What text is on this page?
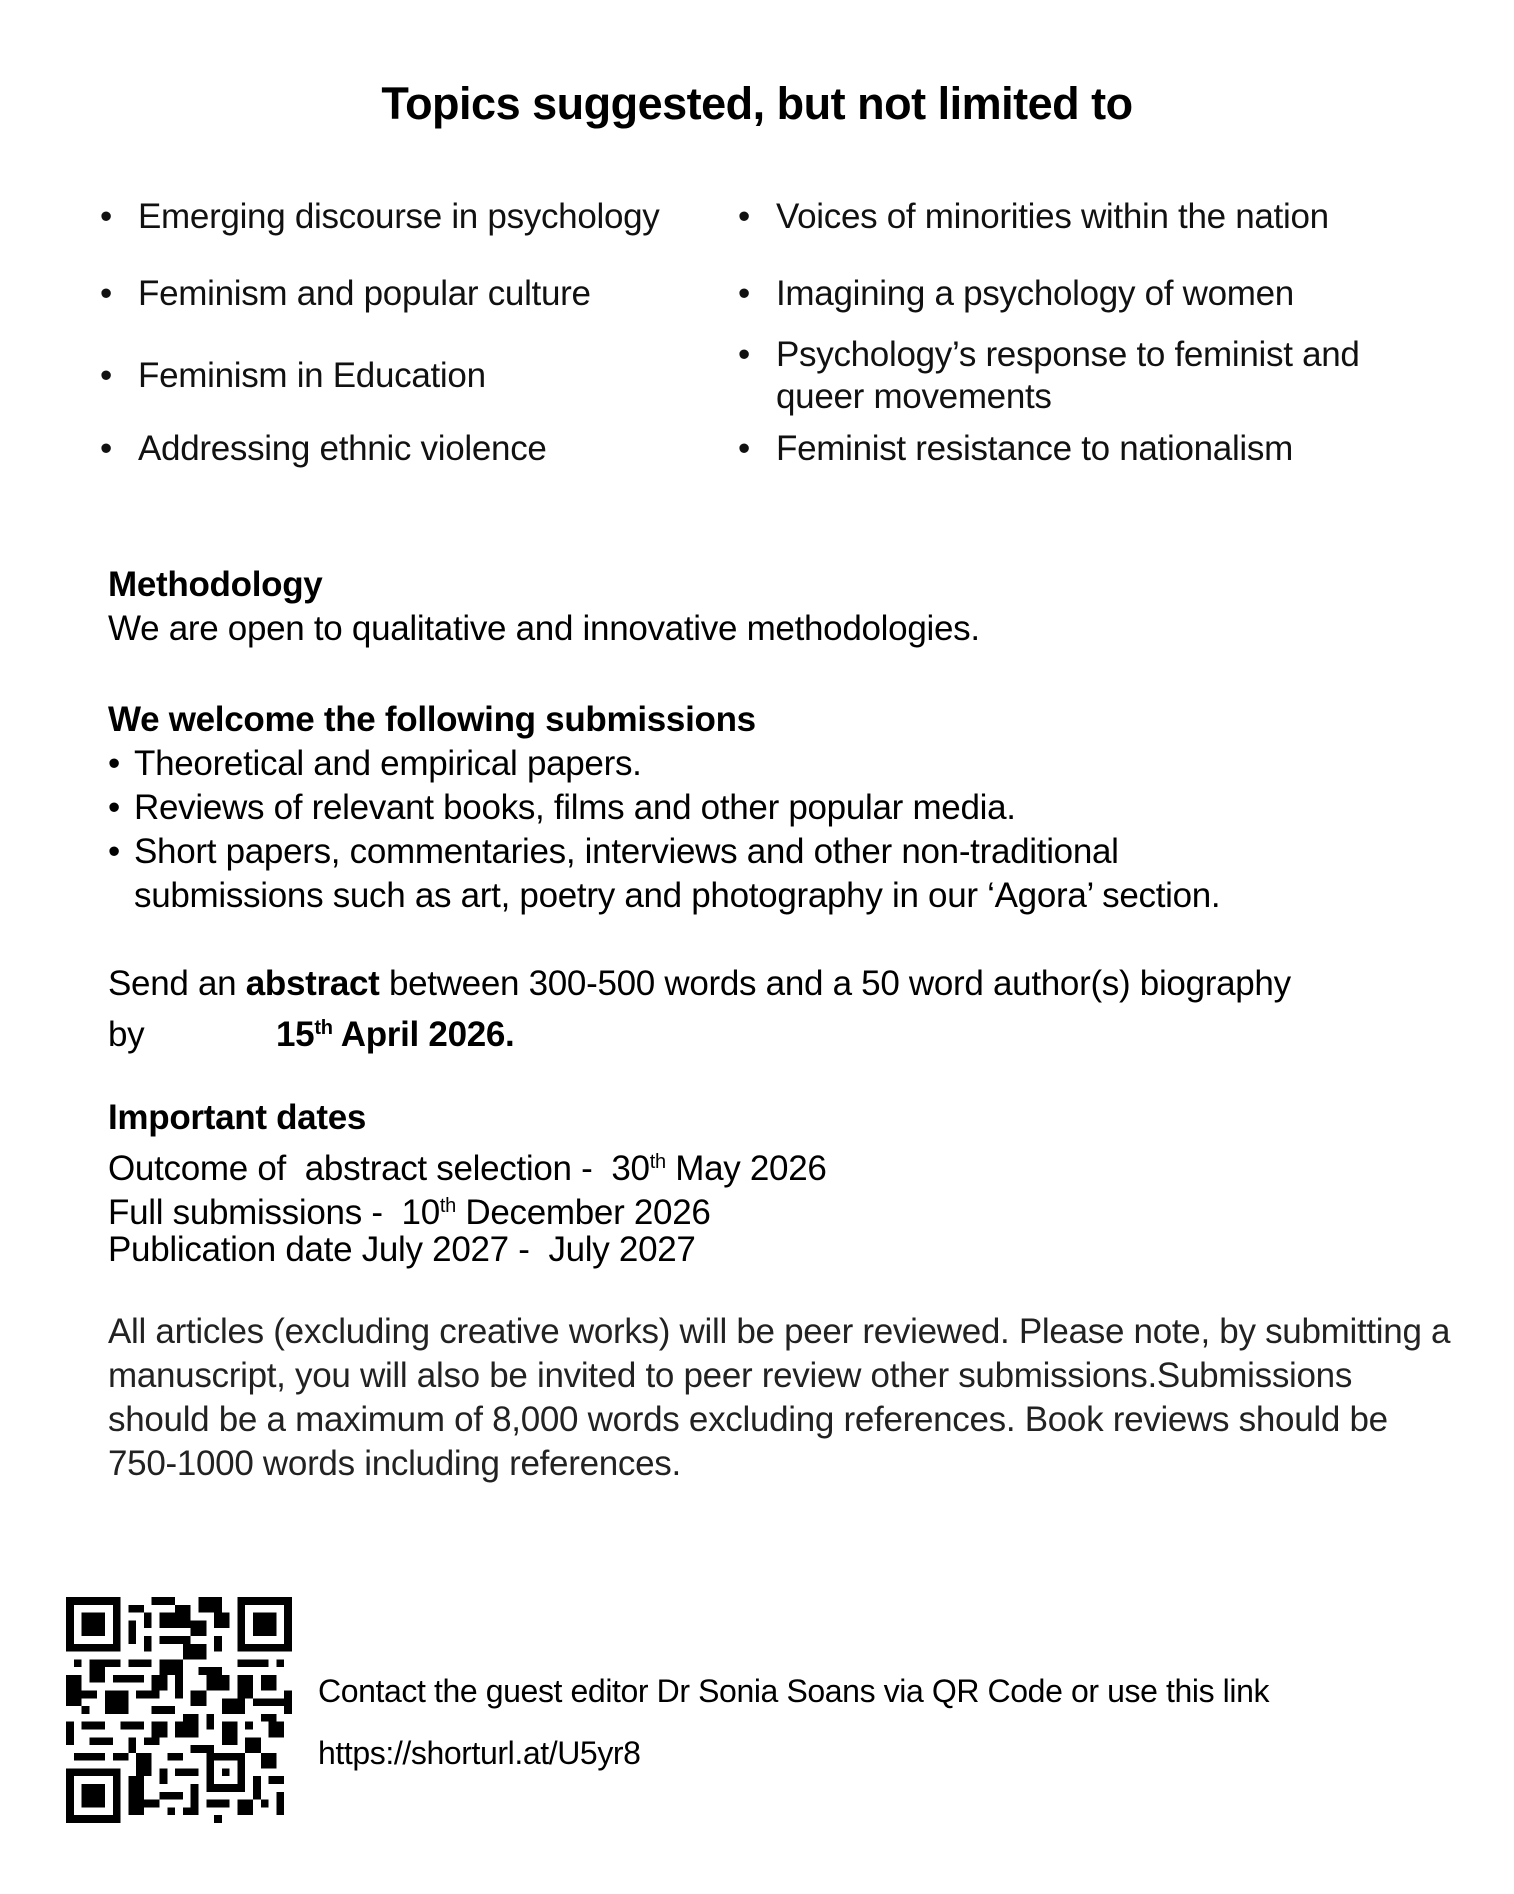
Topics suggested, but not limited to
• Emerging discourse in psychology
• Feminism and popular culture
• Feminism in Education
• Addressing ethnic violence
• Voices of minorities within the nation
• Imagining a psychology of women
• Psychology’s response to feminist and
queer movements
• Feminist resistance to nationalism
Methodology
We are open to qualitative and innovative methodologies.
We welcome the following submissions
• Theoretical and empirical papers.
• Reviews of relevant books, films and other popular media.
• Short papers, commentaries, interviews and other non-traditional
submissions such as art, poetry and photography in our ‘Agora’ section.
Send an abstract between 300-500 words and a 50 word author(s) biography
by	15th April 2026.
Important dates
Outcome of  abstract selection -  30th May 2026
Full submissions -  10th December 2026
Publication date July 2027 -  July 2027
All articles (excluding creative works) will be peer reviewed. Please note, by submitting a manuscript, you will also be invited to peer review other submissions.Submissions should be a maximum of 8,000 words excluding references. Book reviews should be 750-1000 words including references.
Contact the guest editor Dr Sonia Soans via QR Code or use this link
https://shorturl.at/U5yr8
